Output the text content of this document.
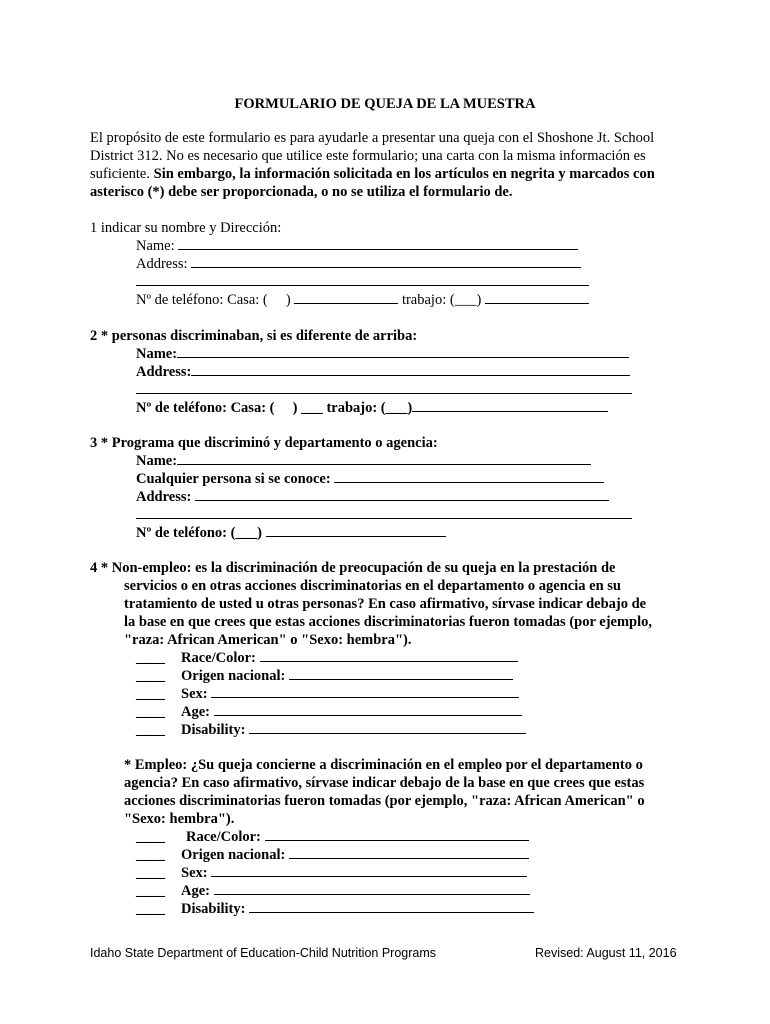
FORMULARIO DE QUEJA DE LA MUESTRA
El propósito de este formulario es para ayudarle a presentar una queja con el Shoshone Jt. School
District 312. No es necesario que utilice este formulario; una carta con la misma información es
suficiente. Sin embargo, la información solicitada en los artículos en negrita y marcados con
asterisco (*) debe ser proporcionada, o no se utiliza el formulario de.
1 indicar su nombre y Dirección:
Name:
Address:
Nº de teléfono: Casa: ( )	trabajo: (___)
2 * personas discriminaban, si es diferente de arriba:
Name:
Address:
Nº de teléfono: Casa: ( ) ___ trabajo: (___)
3 * Programa que discriminó y departamento o agencia:
Name:
Cualquier persona si se conoce:
Address:
Nº de teléfono: (___)
4 * Non-empleo: es la discriminación de preocupación de su queja en la prestación de
servicios o en otras acciones discriminatorias en el departamento o agencia en su
tratamiento de usted u otras personas? En caso afirmativo, sírvase indicar debajo de
la base en que crees que estas acciones discriminatorias fueron tomadas (por ejemplo,
"raza: African American" o "Sexo: hembra").
____ Race/Color:
____ Origen nacional:
____ Sex:
____ Age:
____ Disability:
* Empleo: ¿Su queja concierne a discriminación en el empleo por el departamento o
agencia? En caso afirmativo, sírvase indicar debajo de la base en que crees que estas
acciones discriminatorias fueron tomadas (por ejemplo, "raza: African American" o
"Sexo: hembra").
____ Race/Color:
____ Origen nacional:
____ Sex:
____ Age:
____ Disability:
Idaho State Department of Education-Child Nutrition Programs	Revised: August 11, 2016
